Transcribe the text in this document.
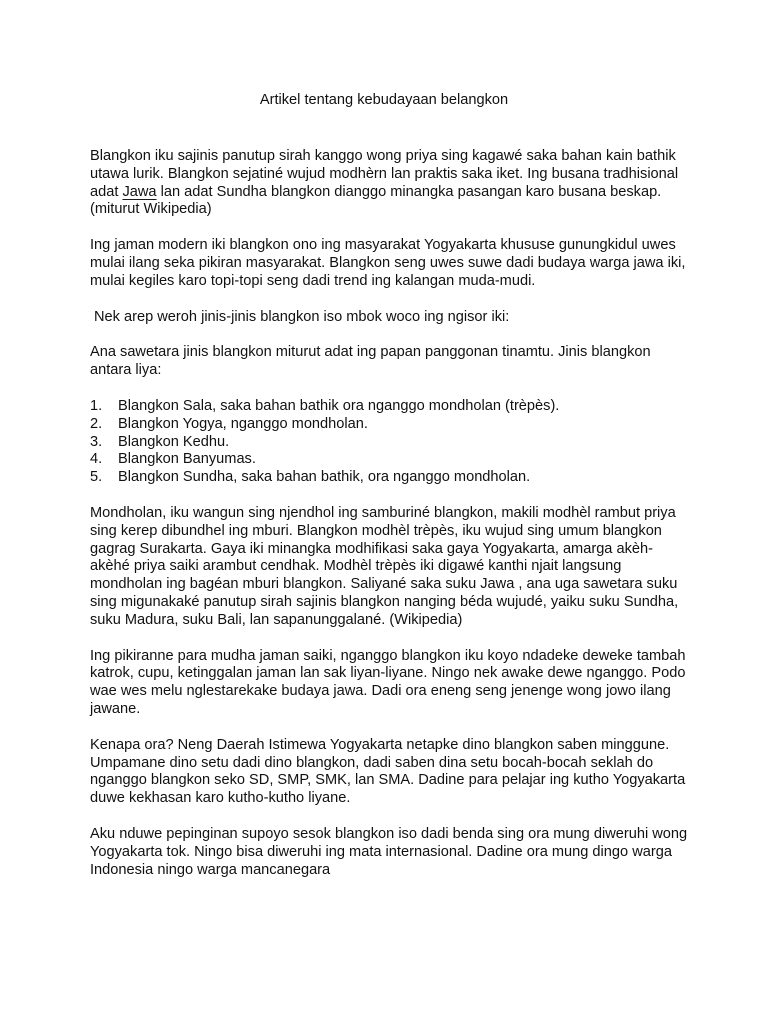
Artikel tentang kebudayaan belangkon

Blangkon iku sajinis panutup sirah kanggo wong priya sing kagawé saka bahan kain bathik utawa lurik. Blangkon sejatiné wujud modhèrn lan praktis saka iket. Ing busana tradhisional adat Jawa lan adat Sundha blangkon dianggo minangka pasangan karo busana beskap. (miturut Wikipedia)

Ing jaman modern iki blangkon ono ing masyarakat Yogyakarta khususe gunungkidul uwes mulai ilang seka pikiran masyarakat. Blangkon seng uwes suwe dadi budaya warga jawa iki, mulai kegiles karo topi-topi seng dadi trend ing kalangan muda-mudi.

Nek arep weroh jinis-jinis blangkon iso mbok woco ing ngisor iki:

Ana sawetara jinis blangkon miturut adat ing papan panggonan tinamtu. Jinis blangkon antara liya:

1.	Blangkon Sala, saka bahan bathik ora nganggo mondholan (trèpès).
2.	Blangkon Yogya, nganggo mondholan.
3.	Blangkon Kedhu.
4.	Blangkon Banyumas.
5.	Blangkon Sundha, saka bahan bathik, ora nganggo mondholan.

Mondholan, iku wangun sing njendhol ing samburiné blangkon, makili modhèl rambut priya sing kerep dibundhel ing mburi. Blangkon modhèl trèpès, iku wujud sing umum blangkon gagrag Surakarta. Gaya iki minangka modhifikasi saka gaya Yogyakarta, amarga akèh-akèhé priya saiki arambut cendhak. Modhèl trèpès iki digawé kanthi njait langsung mondholan ing bagéan mburi blangkon. Saliyané saka suku Jawa , ana uga sawetara suku sing migunakaké panutup sirah sajinis blangkon nanging béda wujudé, yaiku suku Sundha, suku Madura, suku Bali, lan sapanunggalané. (Wikipedia)

Ing pikiranne para mudha jaman saiki, nganggo blangkon iku koyo ndadeke deweke tambah katrok, cupu, ketinggalan jaman lan sak liyan-liyane. Ningo nek awake dewe nganggo. Podo wae wes melu nglestarekake budaya jawa. Dadi ora eneng seng jenenge wong jowo ilang jawane.

Kenapa ora? Neng Daerah Istimewa Yogyakarta netapke dino blangkon saben minggune. Umpamane dino setu dadi dino blangkon, dadi saben dina setu bocah-bocah seklah do nganggo blangkon seko SD, SMP, SMK, lan SMA. Dadine para pelajar ing kutho Yogyakarta duwe kekhasan karo kutho-kutho liyane.

Aku nduwe pepinginan supoyo sesok blangkon iso dadi benda sing ora mung diweruhi wong Yogyakarta tok. Ningo bisa diweruhi ing mata internasional. Dadine ora mung dingo warga Indonesia ningo warga mancanegara
